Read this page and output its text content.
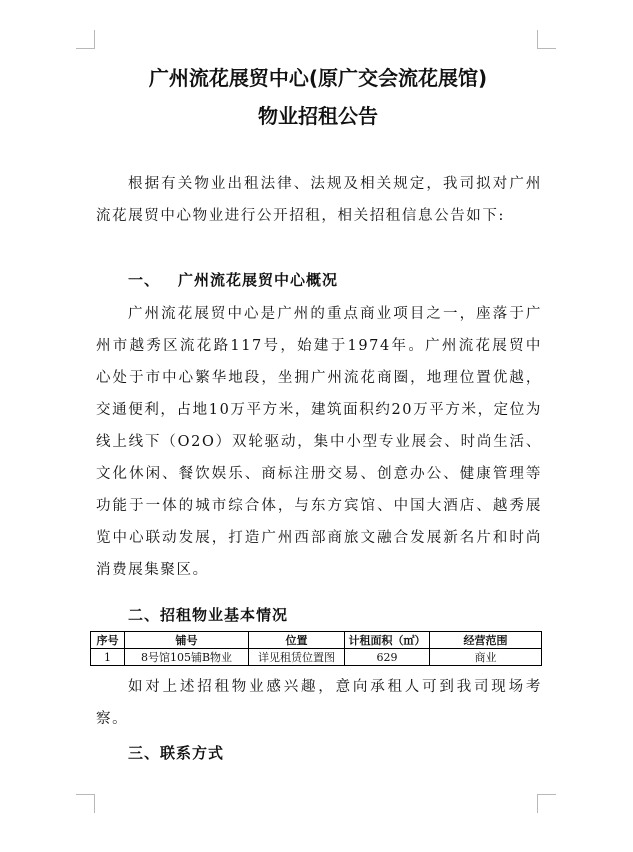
广州流花展贸中心(原广交会流花展馆)
物业招租公告

根据有关物业出租法律、法规及相关规定，我司拟对广州流花展贸中心物业进行公开招租，相关招租信息公告如下:

一、 广州流花展贸中心概况

广州流花展贸中心是广州的重点商业项目之一，座落于广州市越秀区流花路117号，始建于1974年。广州流花展贸中心处于市中心繁华地段，坐拥广州流花商圈，地理位置优越，交通便利，占地10万平方米，建筑面积约20万平方米，定位为线上线下（O2O）双轮驱动，集中小型专业展会、时尚生活、文化休闲、餐饮娱乐、商标注册交易、创意办公、健康管理等功能于一体的城市综合体，与东方宾馆、中国大酒店、越秀展览中心联动发展，打造广州西部商旅文融合发展新名片和时尚消费展集聚区。

二、招租物业基本情况
序号	铺号	位置	计租面积（㎡）	经营范围
1	8号馆105铺B物业	详见租赁位置图	629	商业

如对上述招租物业感兴趣，意向承租人可到我司现场考察。

三、联系方式
